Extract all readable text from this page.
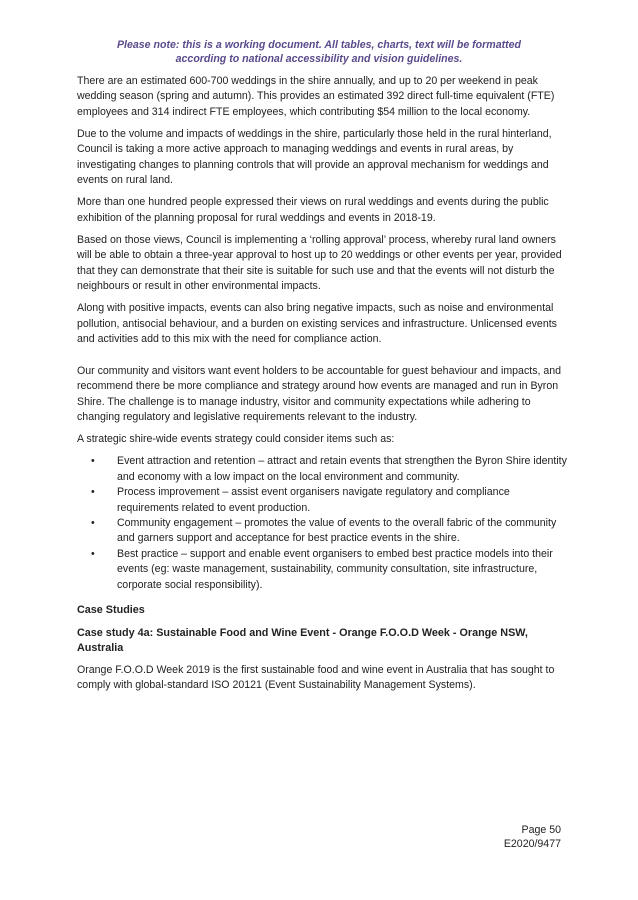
Please note: this is a working document. All tables, charts, text will be formatted
according to national accessibility and vision guidelines.

There are an estimated 600-700 weddings in the shire annually, and up to 20 per weekend in peak wedding season (spring and autumn). This provides an estimated 392 direct full-time equivalent (FTE) employees and 314 indirect FTE employees, which contributing $54 million to the local economy.

Due to the volume and impacts of weddings in the shire, particularly those held in the rural hinterland, Council is taking a more active approach to managing weddings and events in rural areas, by investigating changes to planning controls that will provide an approval mechanism for weddings and events on rural land.

More than one hundred people expressed their views on rural weddings and events during the public exhibition of the planning proposal for rural weddings and events in 2018-19.

Based on those views, Council is implementing a ‘rolling approval’ process, whereby rural land owners will be able to obtain a three-year approval to host up to 20 weddings or other events per year, provided that they can demonstrate that their site is suitable for such use and that the events will not disturb the neighbours or result in other environmental impacts.

Along with positive impacts, events can also bring negative impacts, such as noise and environmental pollution, antisocial behaviour, and a burden on existing services and infrastructure. Unlicensed events and activities add to this mix with the need for compliance action.

Our community and visitors want event holders to be accountable for guest behaviour and impacts, and recommend there be more compliance and strategy around how events are managed and run in Byron Shire. The challenge is to manage industry, visitor and community expectations while adhering to changing regulatory and legislative requirements relevant to the industry.

A strategic shire-wide events strategy could consider items such as:

• Event attraction and retention – attract and retain events that strengthen the Byron Shire identity and economy with a low impact on the local environment and community.
• Process improvement – assist event organisers navigate regulatory and compliance requirements related to event production.
• Community engagement – promotes the value of events to the overall fabric of the community and garners support and acceptance for best practice events in the shire.
• Best practice – support and enable event organisers to embed best practice models into their events (eg: waste management, sustainability, community consultation, site infrastructure, corporate social responsibility).
Case Studies
Case study 4a: Sustainable Food and Wine Event - Orange F.O.O.D Week - Orange NSW, Australia

Orange F.O.O.D Week 2019 is the first sustainable food and wine event in Australia that has sought to comply with global-standard ISO 20121 (Event Sustainability Management Systems).

Page 50
E2020/9477
